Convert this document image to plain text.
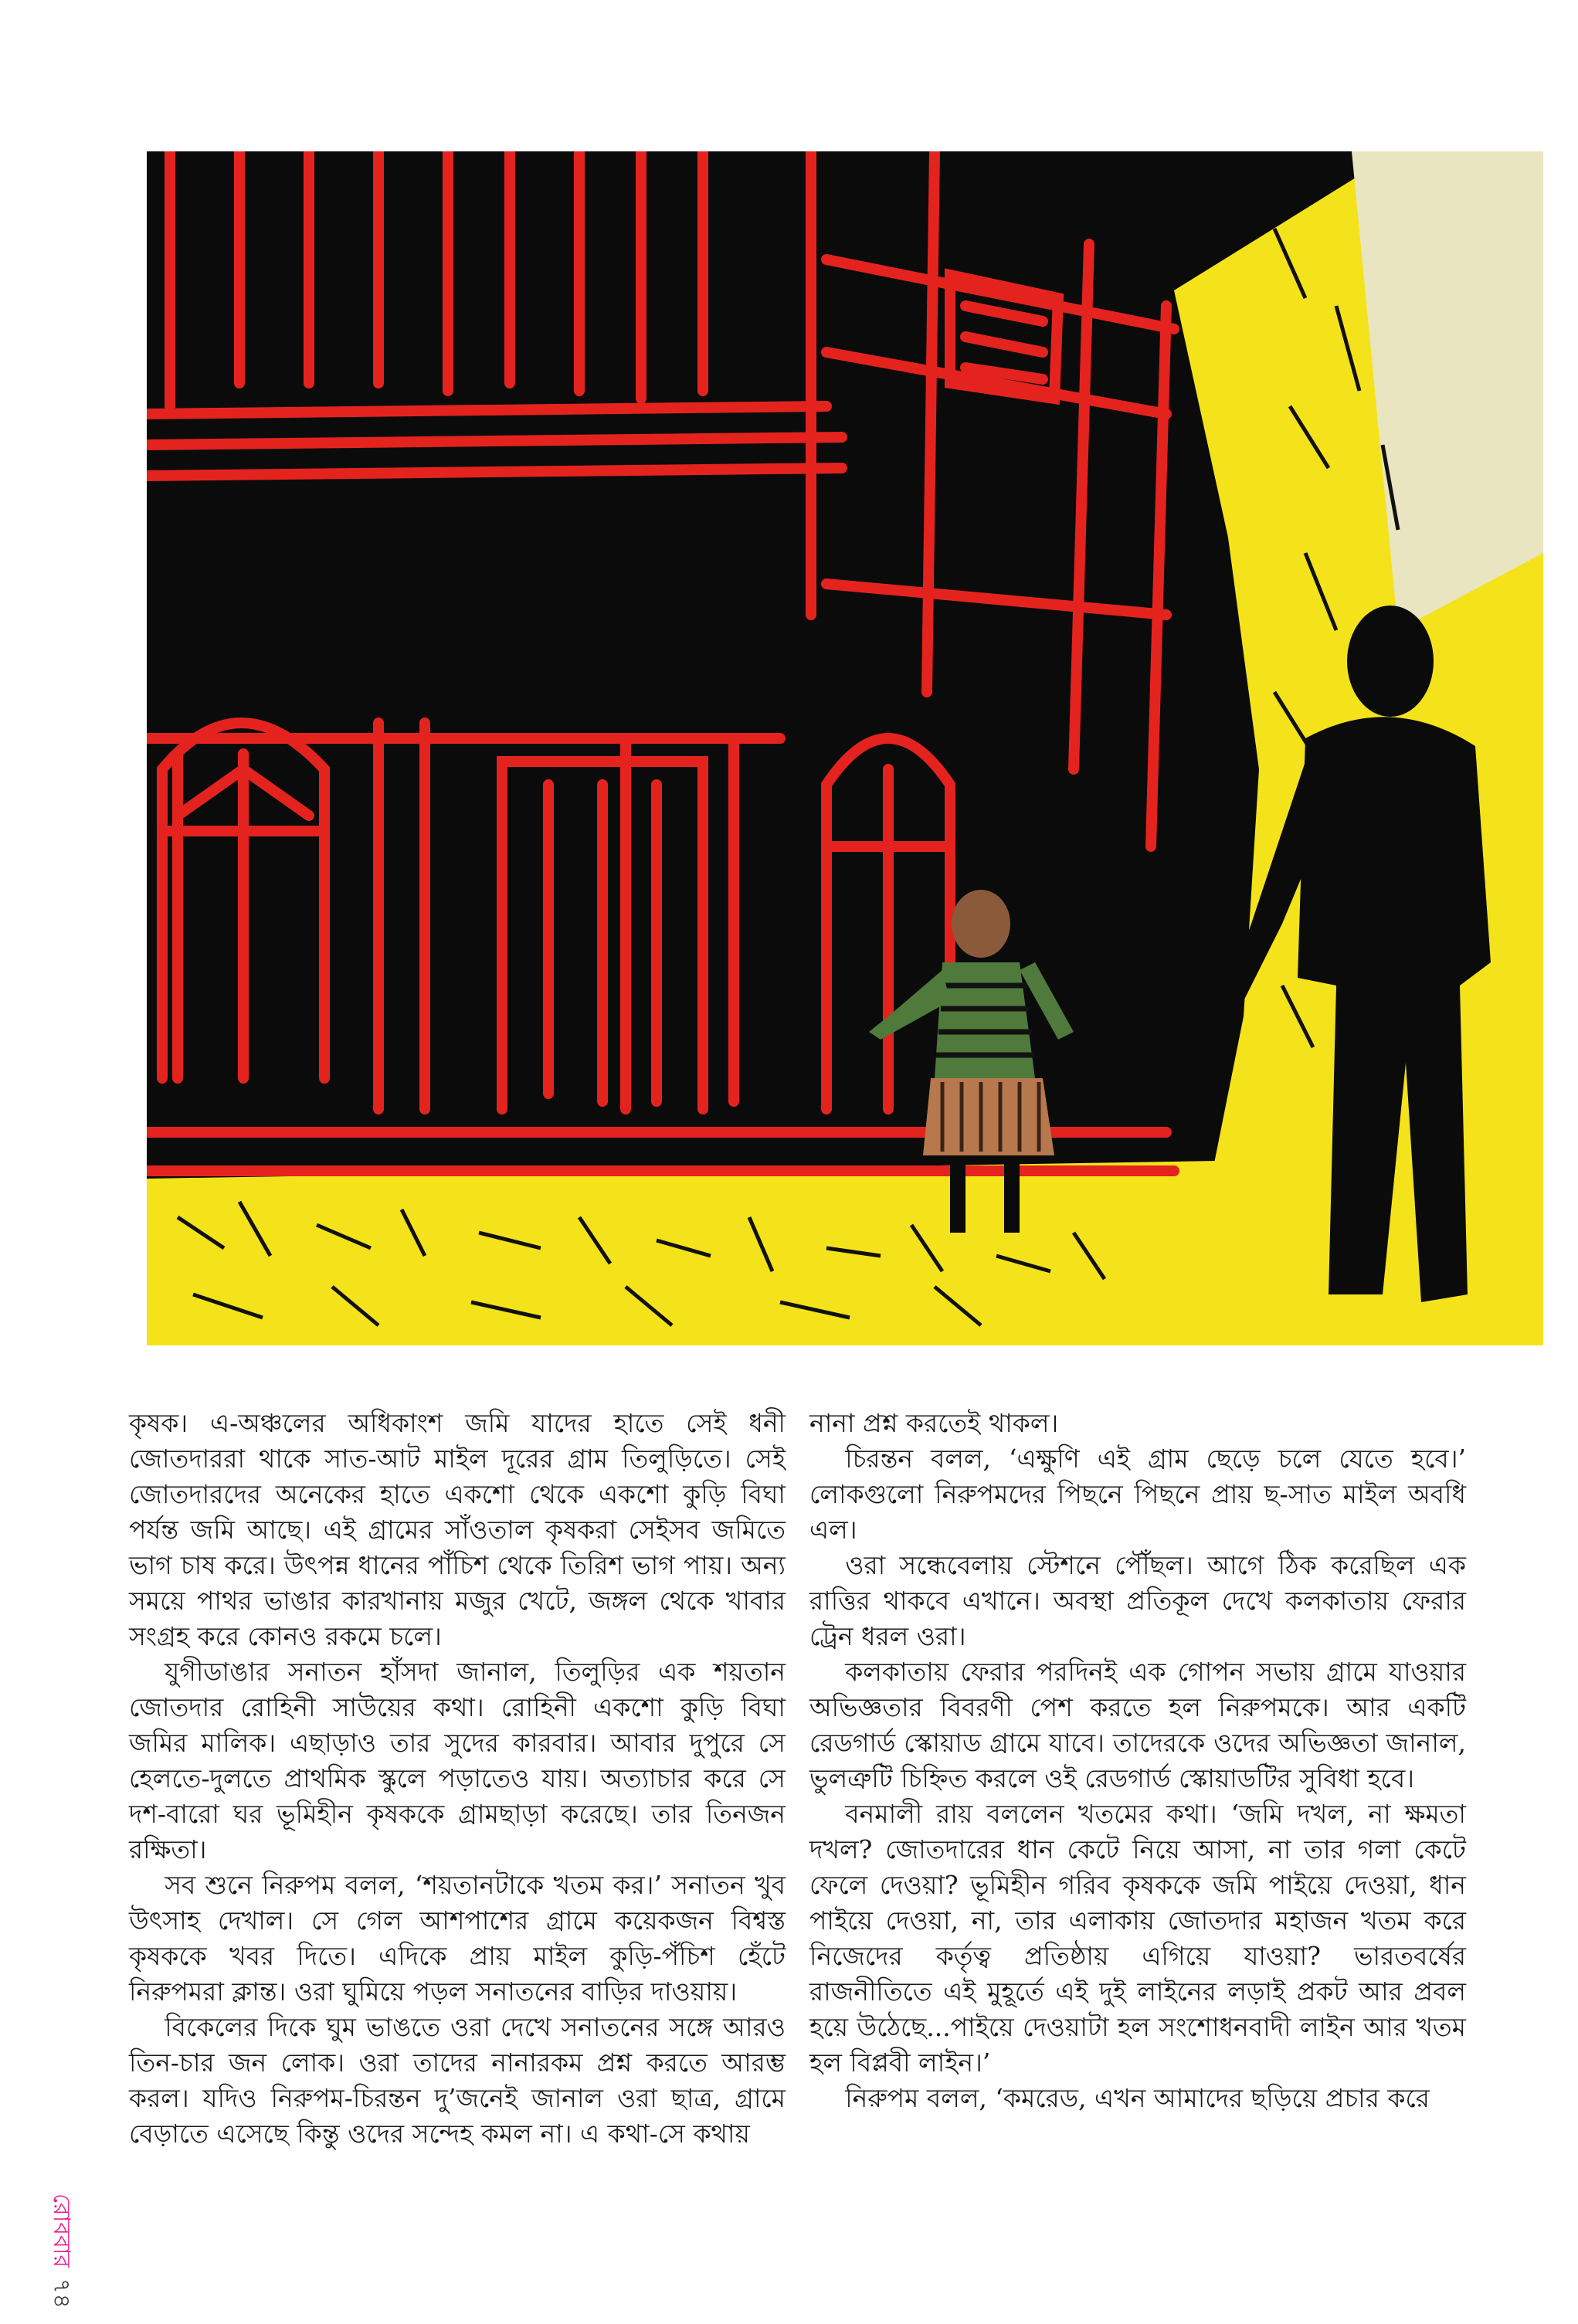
কৃষক। এ-অঞ্চলের অধিকাংশ জমি যাদের হাতে সেই ধনী জোতদাররা থাকে সাত-আট মাইল দূরের গ্রাম তিলুড়িতে। সেই জোতদারদের অনেকের হাতে একশো থেকে একশো কুড়ি বিঘা পর্যন্ত জমি আছে। এই গ্রামের সাঁওতাল কৃষকরা সেইসব জমিতে ভাগ চাষ করে। উৎপন্ন ধানের পাঁচিশ থেকে তিরিশ ভাগ পায়। অন্য সময়ে পাথর ভাঙার কারখানায় মজুর খেটে, জঙ্গল থেকে খাবার সংগ্রহ করে কোনও রকমে চলে।

যুগীডাঙার সনাতন হাঁসদা জানাল, তিলুড়ির এক শয়তান জোতদার রোহিনী সাউয়ের কথা। রোহিনী একশো কুড়ি বিঘা জমির মালিক। এছাড়াও তার সুদের কারবার। আবার দুপুরে সে হেলতে-দুলতে প্রাথমিক স্কুলে পড়াতেও যায়। অত্যাচার করে সে দশ-বারো ঘর ভূমিহীন কৃষককে গ্রামছাড়া করেছে। তার তিনজন রক্ষিতা।

সব শুনে নিরুপম বলল, ‘শয়তানটাকে খতম কর।’ সনাতন খুব উৎসাহ দেখাল। সে গেল আশপাশের গ্রামে কয়েকজন বিশ্বস্ত কৃষককে খবর দিতে। এদিকে প্রায় মাইল কুড়ি-পঁচিশ হেঁটে নিরুপমরা ক্লান্ত। ওরা ঘুমিয়ে পড়ল সনাতনের বাড়ির দাওয়ায়।

বিকেলের দিকে ঘুম ভাঙতে ওরা দেখে সনাতনের সঙ্গে আরও তিন-চার জন লোক। ওরা তাদের নানারকম প্রশ্ন করতে আরম্ভ করল। যদিও নিরুপম-চিরন্তন দু’জনেই জানাল ওরা ছাত্র, গ্রামে বেড়াতে এসেছে কিন্তু ওদের সন্দেহ কমল না। এ কথা-সে কথায়

নানা প্রশ্ন করতেই থাকল।

চিরন্তন বলল, ‘এক্ষুণি এই গ্রাম ছেড়ে চলে যেতে হবে।’ লোকগুলো নিরুপমদের পিছনে পিছনে প্রায় ছ-সাত মাইল অবধি এল।

ওরা সন্ধেবেলায় স্টেশনে পৌঁছল। আগে ঠিক করেছিল এক রাত্তির থাকবে এখানে। অবস্থা প্রতিকূল দেখে কলকাতায় ফেরার ট্রেন ধরল ওরা।

কলকাতায় ফেরার পরদিনই এক গোপন সভায় গ্রামে যাওয়ার অভিজ্ঞতার বিবরণী পেশ করতে হল নিরুপমকে। আর একটি রেডগার্ড স্কোয়াড গ্রামে যাবে। তাদেরকে ওদের অভিজ্ঞতা জানাল, ভুলত্রুটি চিহ্নিত করলে ওই রেডগার্ড স্কোয়াডটির সুবিধা হবে।

বনমালী রায় বললেন খতমের কথা। ‘জমি দখল, না ক্ষমতা দখল? জোতদারের ধান কেটে নিয়ে আসা, না তার গলা কেটে ফেলে দেওয়া? ভূমিহীন গরিব কৃষককে জমি পাইয়ে দেওয়া, ধান পাইয়ে দেওয়া, না, তার এলাকায় জোতদার মহাজন খতম করে নিজেদের কর্তৃত্ব প্রতিষ্ঠায় এগিয়ে যাওয়া? ভারতবর্ষের রাজনীতিতে এই মুহূর্তে এই দুই লাইনের লড়াই প্রকট আর প্রবল হয়ে উঠেছে...পাইয়ে দেওয়াটা হল সংশোধনবাদী লাইন আর খতম হল বিপ্লবী লাইন।’

নিরুপম বলল, ‘কমরেড, এখন আমাদের ছড়িয়ে প্রচার করে

রোববার৭৪
